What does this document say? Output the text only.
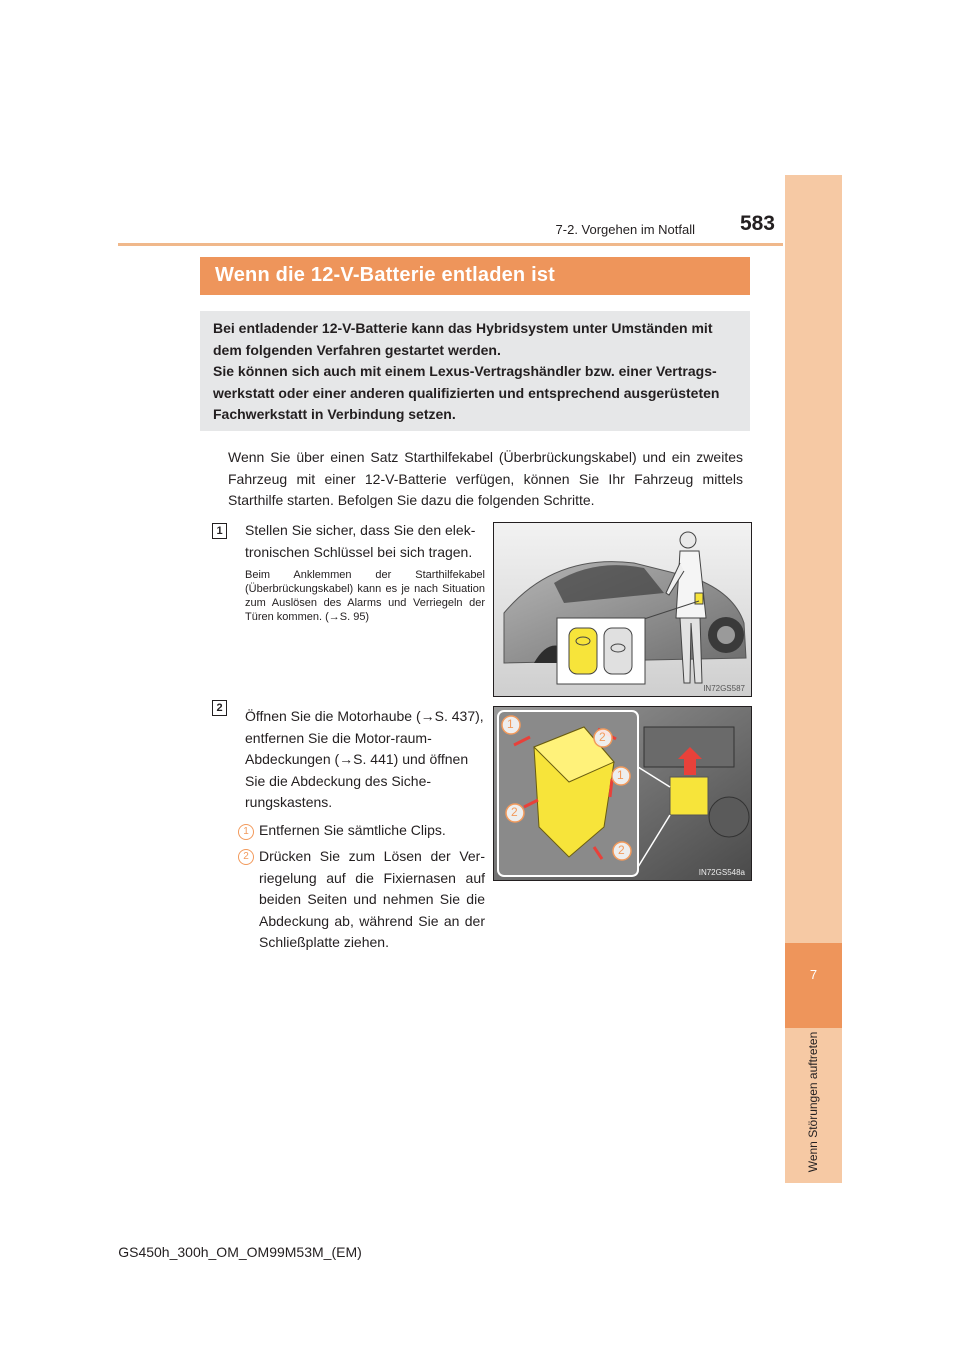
7-2. Vorgehen im Notfall	583
7
Wenn Störungen auftreten
Wenn die 12-V-Batterie entladen ist
Bei entladender 12-V-Batterie kann das Hybridsystem unter Umständen mit dem folgenden Verfahren gestartet werden.
Sie können sich auch mit einem Lexus-Vertragshändler bzw. einer Vertrags-werkstatt oder einer anderen qualifizierten und entsprechend ausgerüsteten Fachwerkstatt in Verbindung setzen.
Wenn Sie über einen Satz Starthilfekabel (Überbrückungskabel) und ein zweites Fahrzeug mit einer 12-V-Batterie verfügen, können Sie Ihr Fahrzeug mittels Starthilfe starten. Befolgen Sie dazu die folgenden Schritte.
1	Stellen Sie sicher, dass Sie den elek-tronischen Schlüssel bei sich tragen.
Beim Anklemmen der Starthilfekabel (Überbrückungskabel) kann es je nach Situation zum Auslösen des Alarms und Verriegeln der Türen kommen. (→S. 95)
IN72GS587
2	Öffnen Sie die Motorhaube (→S. 437), entfernen Sie die Motor-raum-Abdeckungen (→S. 441) und öffnen Sie die Abdeckung des Siche-rungskastens.
1 Entfernen Sie sämtliche Clips.
2 Drücken Sie zum Lösen der Ver-riegelung auf die Fixiernasen auf beiden Seiten und nehmen Sie die Abdeckung ab, während Sie an der Schließplatte ziehen.
1
2
1
2
2
IN72GS548a
GS450h_300h_OM_OM99M53M_(EM)
